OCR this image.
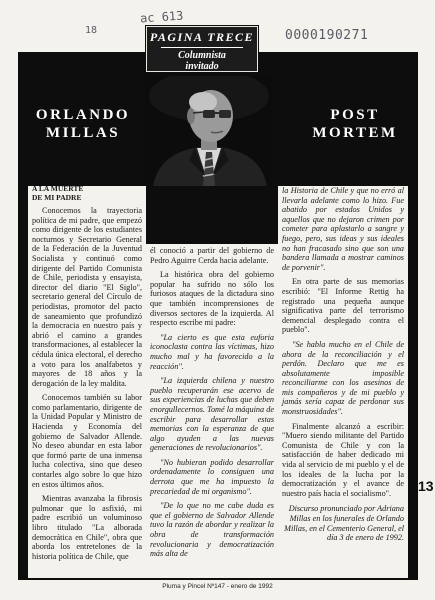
ac 613
18	0000190271
PAGINA TRECE
Columnista
invitado
ORLANDO
MILLAS
POST
MORTEM

A LA MUERTE
DE MI PADRE

Conocemos la trayectoria política de mi padre, que empezó como dirigente de los estudiantes nocturnos y Secretario General de la Federación de la Juventud Socialista y continuó como dirigente del Partido Comunista de Chile, periodista y ensayista, director del diario "El Siglo", secretario general del Círculo de periodistas, promotor del pacto de saneamiento que profundizó la democracia en nuestro país y abrió el camino a grandes transformaciones, al establecer la cédula única electoral, el derecho a voto para los analfabetos y mayores de 18 años y la derogación de la ley maldita.

Conocemos también su labor como parlamentario, dirigente de la Unidad Popular y Ministro de Hacienda y Economía del gobierno de Salvador Allende. No deseo abundar en esta labor que formó parte de una inmensa lucha colectiva, sino que deseo contarles algo sobre lo que hizo en estos últimos años.

Mientras avanzaba la fibrosis pulmonar que lo asfixió, mi padre escribió un voluminoso libro titulado "La alborada democrática en Chile", obra que aborda los entretelones de la historia política de Chile, que

él conoció a partir del gobierno de Pedro Aguirre Cerda hacia adelante.

La histórica obra del gobierno popular ha sufrido no sólo los furiosos ataques de la dictadura sino que también incomprensiones de diversos sectores de la izquierda. Al respecto escribe mi padre:

"La cierto es que esta euforia iconoclasta contra las víctimas, hizo mucho mal y ha favorecido a la reacción".

"La izquierda chilena y nuestro pueblo recuperarán ese acervo de sus experiencias de luchas que deben enorgullecernos. Tomé la máquina de escribir para desarrollar estas memorias con la esperanza de que algo ayuden a las nuevas generaciones de revolucionarios".

"No hubieran podido desarrollar ordenadamente lo consiguen una derrota que me ha impuesto la precariedad de mi organismo".

"De lo que no me cabe duda es que el gobierno de Salvador Allende tuvo la razón de abordar y realizar la obra de transformación revolucionaria y democratización más alta de

la Historia de Chile y que no erró al llevarla adelante como lo hizo. Fue abatido por estados Unidos y aquellos que no dejaron crimen por cometer para aplastarlo a sangre y fuego, pero, sus ideas y sus ideales no han fracasado sino que son una bandera llamada a mostrar caminos de porvenir".

En otra parte de sus memorias escribió: "El Informe Rettig ha registrado una pequeña aunque significativa parte del terrorismo demencial desplegado contra el pueblo".

"Se habla mucho en el Chile de ahora de la reconciliación y el perdón. Declaro que me es absolutamente imposible reconciliarme con los asesinos de mis compañeros y de mi pueblo y jamás sería capaz de perdonar sus monstruosidades".

Finalmente alcanzó a escribir: "Muero siendo militante del Partido Comunista de Chile y con la satisfacción de haber dedicado mi vida al servicio de mi pueblo y el de los ideales de la lucha por la democratización y el avance de nuestro país hacia el socialismo".

Discurso pronunciado por Adriana Millas en los funerales de Orlando Millas, en el Cementerio General, el día 3 de enero de 1992.

13
Pluma y Pincel Nº147 - enero de 1992
